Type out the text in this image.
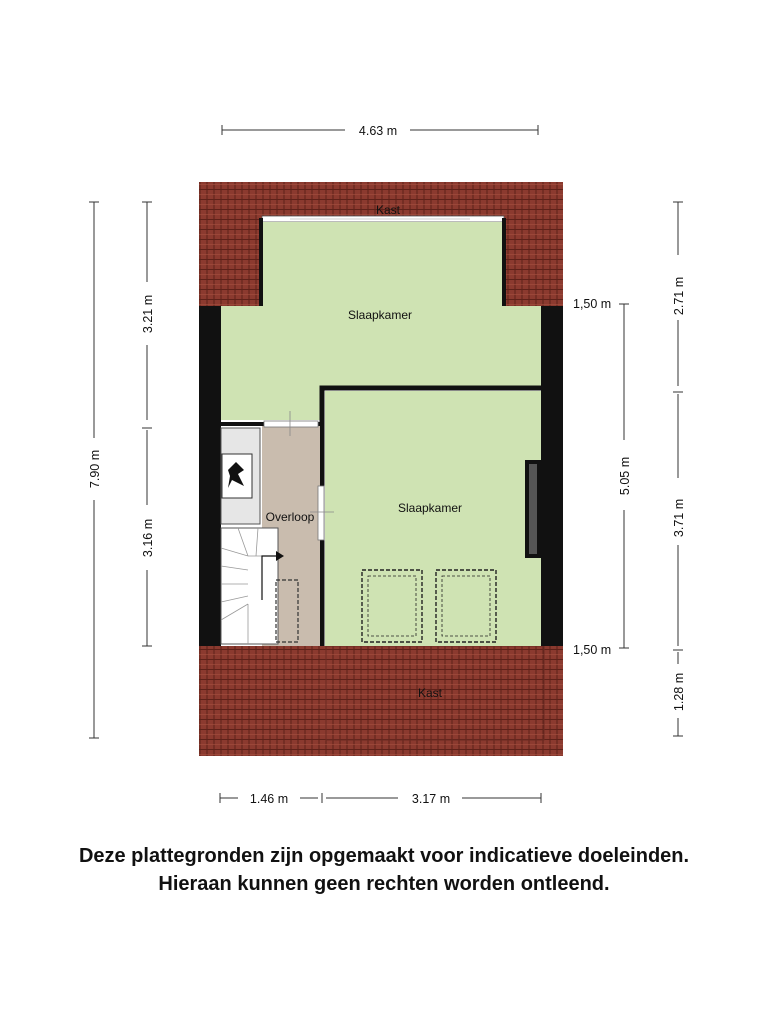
Kast
Slaapkamer
Slaapkamer
Overloop
Kast
4.63 m
7.90 m
3.21 m
3.16 m
2.71 m
3.71 m
1.28 m
5.05 m
1,50 m
1,50 m
1.46 m	3.17 m
Deze plattegronden zijn opgemaakt voor indicatieve doeleinden.
Hieraan kunnen geen rechten worden ontleend.
